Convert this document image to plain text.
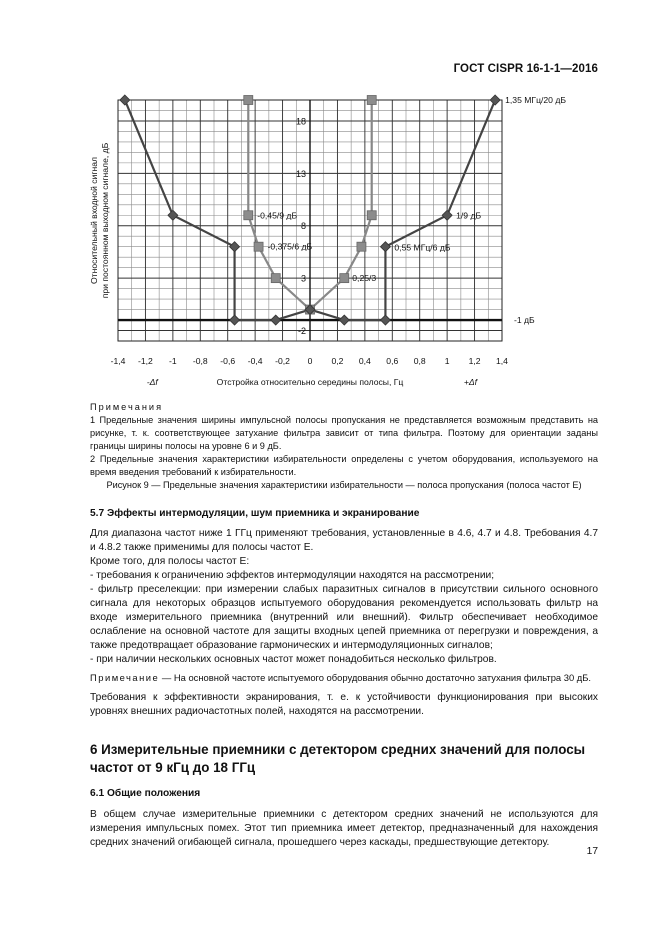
ГОСТ CISPR 16-1-1—2016
18
13
8
3
-2
-1,4 -1,2 -1 -0,8 -0,6 -0,4 -0,2 0 0,2 0,4 0,6 0,8 1 1,2 1,4
Отстройка относительно середины полосы, Гц
-Δf	+Δf
Относительный входной сигнал при постоянном выходном сигнале, дБ
1,35 МГц/20 дБ
-0,45/9 дБ	1/9 дБ
-0,375/6 дБ	0,55 МГц/6 дБ
0,25/3
-1 дБ

Примечания

1 Предельные значения ширины импульсной полосы пропускания не представляется возможным представить на рисунке, т. к. соответствующее затухание фильтра зависит от типа фильтра. Поэтому для ориентации заданы границы ширины полосы на уровне 6 и 9 дБ.

2 Предельные значения характеристики избирательности определены с учетом оборудования, используемого на время введения требований к избирательности.

Рисунок 9 — Предельные значения характеристики избирательности — полоса пропускания (полоса частот Е)

5.7 Эффекты интермодуляции, шум приемника и экранирование

Для диапазона частот ниже 1 ГГц применяют требования, установленные в 4.6, 4.7 и 4.8. Требования 4.7 и 4.8.2 также применимы для полосы частот Е.

Кроме того, для полосы частот Е:

- требования к ограничению эффектов интермодуляции находятся на рассмотрении;

- фильтр преселекции: при измерении слабых паразитных сигналов в присутствии сильного основного сигнала для некоторых образцов испытуемого оборудования рекомендуется использовать фильтр на входе измерительного приемника (внутренний или внешний). Фильтр обеспечивает необходимое ослабление на основной частоте для защиты входных цепей приемника от перегрузки и повреждения, а также предотвращает образование гармонических и интермодуляционных сигналов;

- при наличии нескольких основных частот может понадобиться несколько фильтров.

Примечание — На основной частоте испытуемого оборудования обычно достаточно затухания фильтра 30 дБ.

Требования к эффективности экранирования, т. е. к устойчивости функционирования при высоких уровнях внешних радиочастотных полей, находятся на рассмотрении.

6 Измерительные приемники с детектором средних значений для полосы

частот от 9 кГц до 18 ГГц

6.1 Общие положения

В общем случае измерительные приемники с детектором средних значений не используются для измерения импульсных помех. Этот тип приемника имеет детектор, предназначенный для нахождения средних значений огибающей сигнала, прошедшего через каскады, предшествующие детектору.

17
